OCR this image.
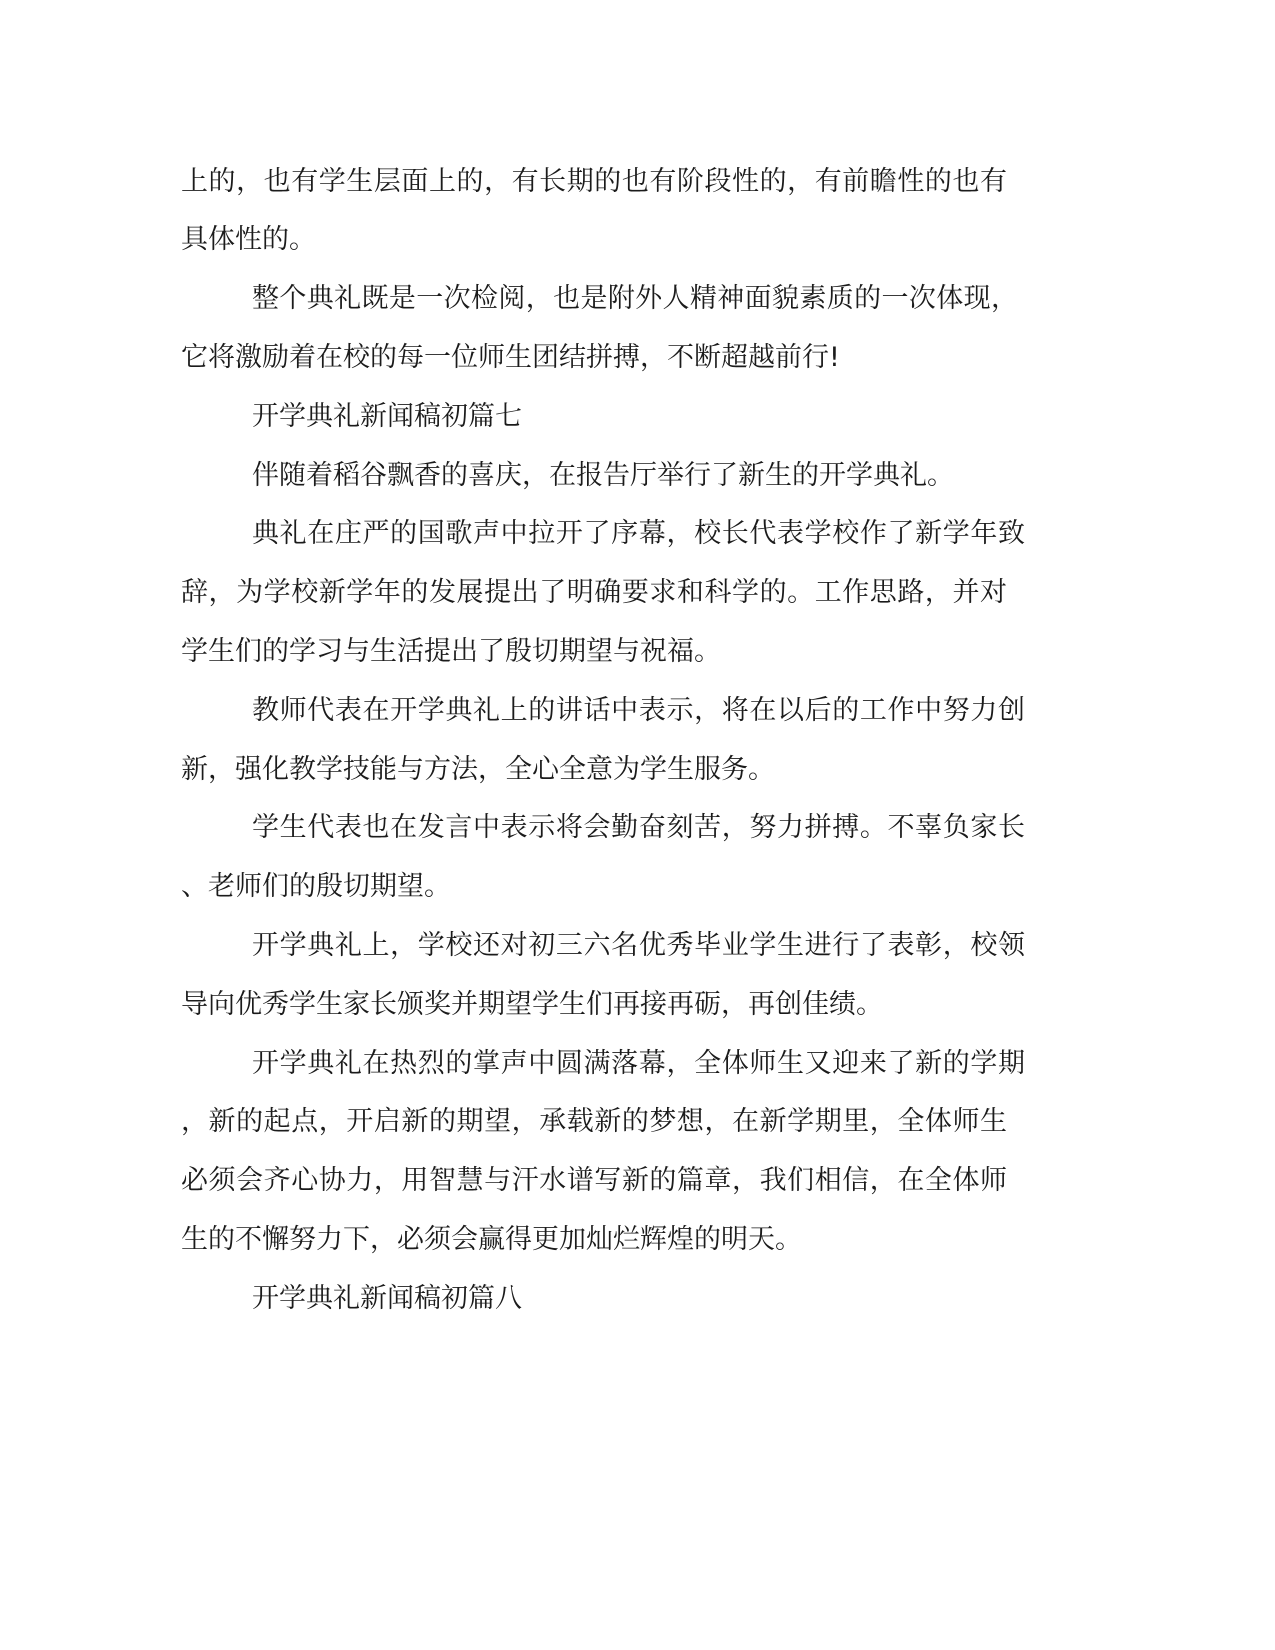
上的，也有学生层面上的，有长期的也有阶段性的，有前瞻性的也有

具体性的。

整个典礼既是一次检阅，也是附外人精神面貌素质的一次体现，

它将激励着在校的每一位师生团结拼搏，不断超越前行!

开学典礼新闻稿初篇七

伴随着稻谷飘香的喜庆，在报告厅举行了新生的开学典礼。

典礼在庄严的国歌声中拉开了序幕，校长代表学校作了新学年致

辞，为学校新学年的发展提出了明确要求和科学的。工作思路，并对

学生们的学习与生活提出了殷切期望与祝福。

教师代表在开学典礼上的讲话中表示，将在以后的工作中努力创

新，强化教学技能与方法，全心全意为学生服务。

学生代表也在发言中表示将会勤奋刻苦，努力拼搏。不辜负家长

、老师们的殷切期望。

开学典礼上，学校还对初三六名优秀毕业学生进行了表彰，校领

导向优秀学生家长颁奖并期望学生们再接再砺，再创佳绩。

开学典礼在热烈的掌声中圆满落幕，全体师生又迎来了新的学期

，新的起点，开启新的期望，承载新的梦想，在新学期里，全体师生

必须会齐心协力，用智慧与汗水谱写新的篇章，我们相信，在全体师

生的不懈努力下，必须会赢得更加灿烂辉煌的明天。

开学典礼新闻稿初篇八
